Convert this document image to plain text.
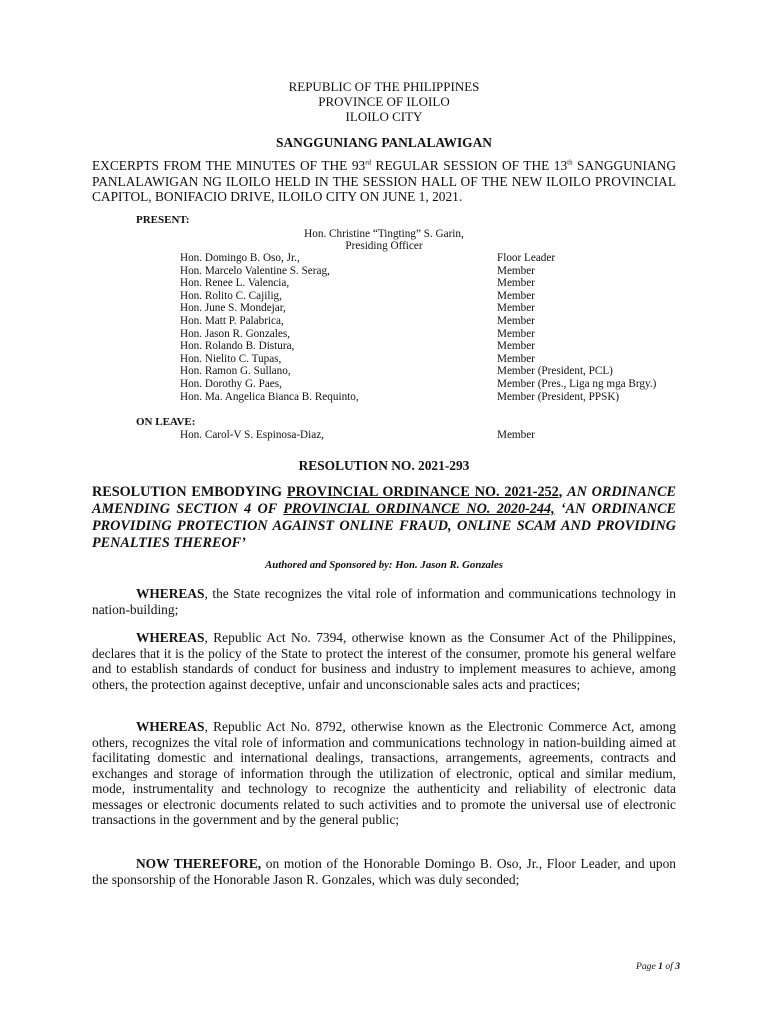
REPUBLIC OF THE PHILIPPINES
PROVINCE OF ILOILO
ILOILO CITY
SANGGUNIANG PANLALAWIGAN

EXCERPTS FROM THE MINUTES OF THE 93rd REGULAR SESSION OF THE 13th SANGGUNIANG PANLALAWIGAN NG ILOILO HELD IN THE SESSION HALL OF THE NEW ILOILO PROVINCIAL CAPITOL, BONIFACIO DRIVE, ILOILO CITY ON JUNE 1, 2021.

PRESENT:
Hon. Christine “Tingting” S. Garin,
Presiding Officer
Hon. Domingo B. Oso, Jr.,	Floor Leader
Hon. Marcelo Valentine S. Serag,	Member
Hon. Renee L. Valencia,	Member
Hon. Rolito C. Cajilig,	Member
Hon. June S. Mondejar,	Member
Hon. Matt P. Palabrica,	Member
Hon. Jason R. Gonzales,	Member
Hon. Rolando B. Distura,	Member
Hon. Nielito C. Tupas,	Member
Hon. Ramon G. Sullano,	Member (President, PCL)
Hon. Dorothy G. Paes,	Member (Pres., Liga ng mga Brgy.)
Hon. Ma. Angelica Bianca B. Requinto,	Member (President, PPSK)
ON LEAVE:
Hon. Carol-V S. Espinosa-Diaz,	Member
RESOLUTION NO. 2021-293

RESOLUTION EMBODYING PROVINCIAL ORDINANCE NO. 2021-252, AN ORDINANCE AMENDING SECTION 4 OF PROVINCIAL ORDINANCE NO. 2020-244, ‘AN ORDINANCE PROVIDING PROTECTION AGAINST ONLINE FRAUD, ONLINE SCAM AND PROVIDING PENALTIES THEREOF’

Authored and Sponsored by: Hon. Jason R. Gonzales

WHEREAS, the State recognizes the vital role of information and communications technology in nation-building;

WHEREAS, Republic Act No. 7394, otherwise known as the Consumer Act of the Philippines, declares that it is the policy of the State to protect the interest of the consumer, promote his general welfare and to establish standards of conduct for business and industry to implement measures to achieve, among others, the protection against deceptive, unfair and unconscionable sales acts and practices;

WHEREAS, Republic Act No. 8792, otherwise known as the Electronic Commerce Act, among others, recognizes the vital role of information and communications technology in nation-building aimed at facilitating domestic and international dealings, transactions, arrangements, agreements, contracts and exchanges and storage of information through the utilization of electronic, optical and similar medium, mode, instrumentality and technology to recognize the authenticity and reliability of electronic data messages or electronic documents related to such activities and to promote the universal use of electronic transactions in the government and by the general public;

NOW THEREFORE, on motion of the Honorable Domingo B. Oso, Jr., Floor Leader, and upon the sponsorship of the Honorable Jason R. Gonzales, which was duly seconded;

Page 1 of 3
